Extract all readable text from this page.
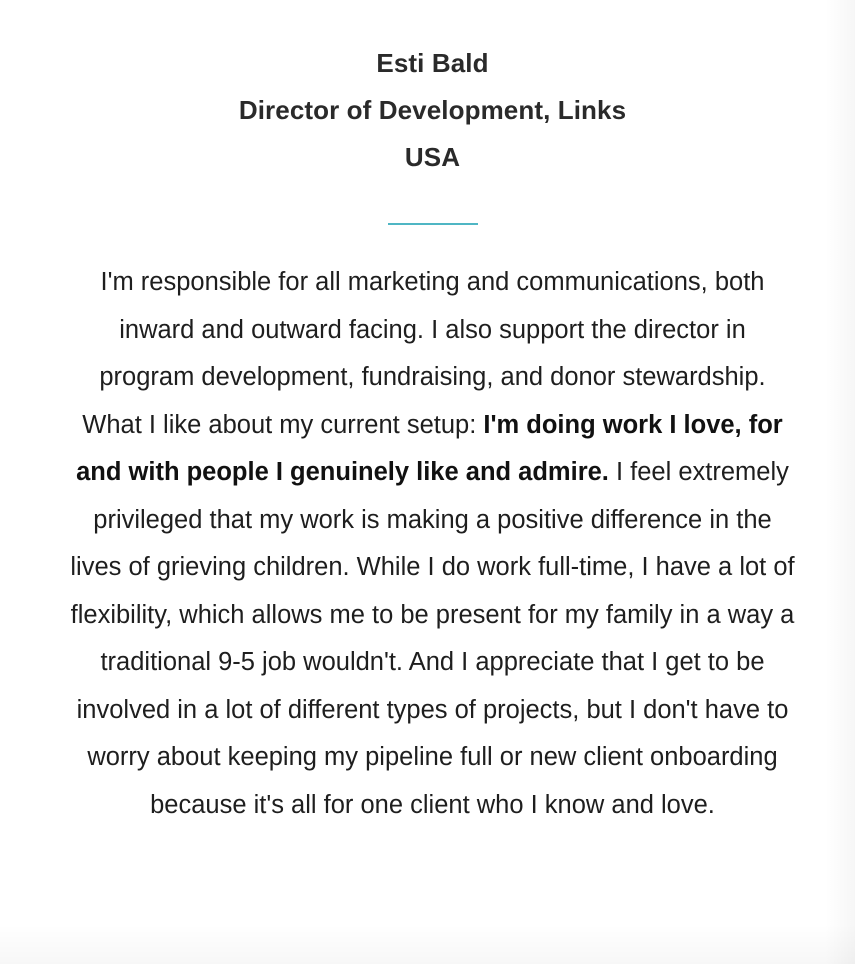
Esti Bald
Director of Development, Links
USA

I'm responsible for all marketing and communications, both inward and outward facing. I also support the director in program development, fundraising, and donor stewardship. What I like about my current setup: I'm doing work I love, for and with people I genuinely like and admire. I feel extremely privileged that my work is making a positive difference in the lives of grieving children. While I do work full-time, I have a lot of flexibility, which allows me to be present for my family in a way a traditional 9-5 job wouldn't. And I appreciate that I get to be involved in a lot of different types of projects, but I don't have to worry about keeping my pipeline full or new client onboarding because it's all for one client who I know and love.
